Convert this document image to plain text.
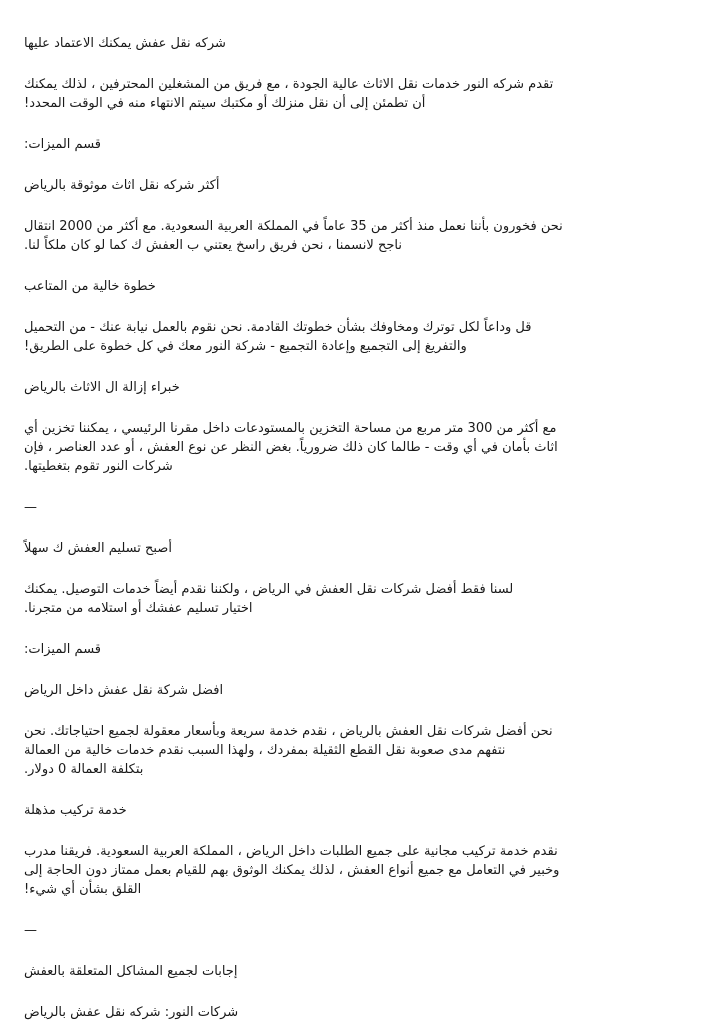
شركه نقل عفش يمكنك الاعتماد عليها

تقدم شركه النور خدمات نقل الاثاث عالية الجودة ، مع فريق من المشغلين المحترفين ، لذلك يمكنك

أن تطمئن إلى أن نقل منزلك أو مكتبك سيتم الانتهاء منه في الوقت المحدد!

قسم الميزات:

أكثر شركه نقل اثاث موثوقة بالرياض

نحن فخورون بأننا نعمل منذ أكثر من 35 عاماً في المملكة العربية السعودية. مع أكثر من 2000 انتقال

ناجح لانسمنا ، نحن فريق راسخ يعتني ب العفش ك كما لو كان ملكاً لنا.

خطوة خالية من المتاعب

قل وداعاً لكل توترك ومخاوفك بشأن خطوتك القادمة. نحن نقوم بالعمل نيابة عنك - من التحميل

والتفريغ إلى التجميع وإعادة التجميع - شركة النور معك في كل خطوة على الطريق!

خبراء إزالة ال الاثاث بالرياض

مع أكثر من 300 متر مربع من مساحة التخزين بالمستودعات داخل مقرنا الرئيسي ، يمكننا تخزين أي

اثاث بأمان في أي وقت - طالما كان ذلك ضرورياً. بغض النظر عن نوع العفش ، أو عدد العناصر ، فإن

شركات النور تقوم بتغطيتها.

—

أصبح تسليم العفش ك سهلاً

لسنا فقط أفضل شركات نقل العفش في الرياض ، ولكننا نقدم أيضاً خدمات التوصيل. يمكنك

اختيار تسليم عفشك أو استلامه من متجرنا.

قسم الميزات:

افضل شركة نقل عفش داخل الرياض

نحن أفضل شركات نقل العفش بالرياض ، نقدم خدمة سريعة وبأسعار معقولة لجميع احتياجاتك. نحن

نتفهم مدى صعوبة نقل القطع الثقيلة بمفردك ، ولهذا السبب نقدم خدمات خالية من العمالة

بتكلفة العمالة 0 دولار.

خدمة تركيب مذهلة

نقدم خدمة تركيب مجانية على جميع الطلبات داخل الرياض ، المملكة العربية السعودية. فريقنا مدرب

وخبير في التعامل مع جميع أنواع العفش ، لذلك يمكنك الوثوق بهم للقيام بعمل ممتاز دون الحاجة إلى

القلق بشأن أي شيء!

—

إجابات لجميع المشاكل المتعلقة بالعفش

شركات النور: شركه نقل عفش بالرياض
